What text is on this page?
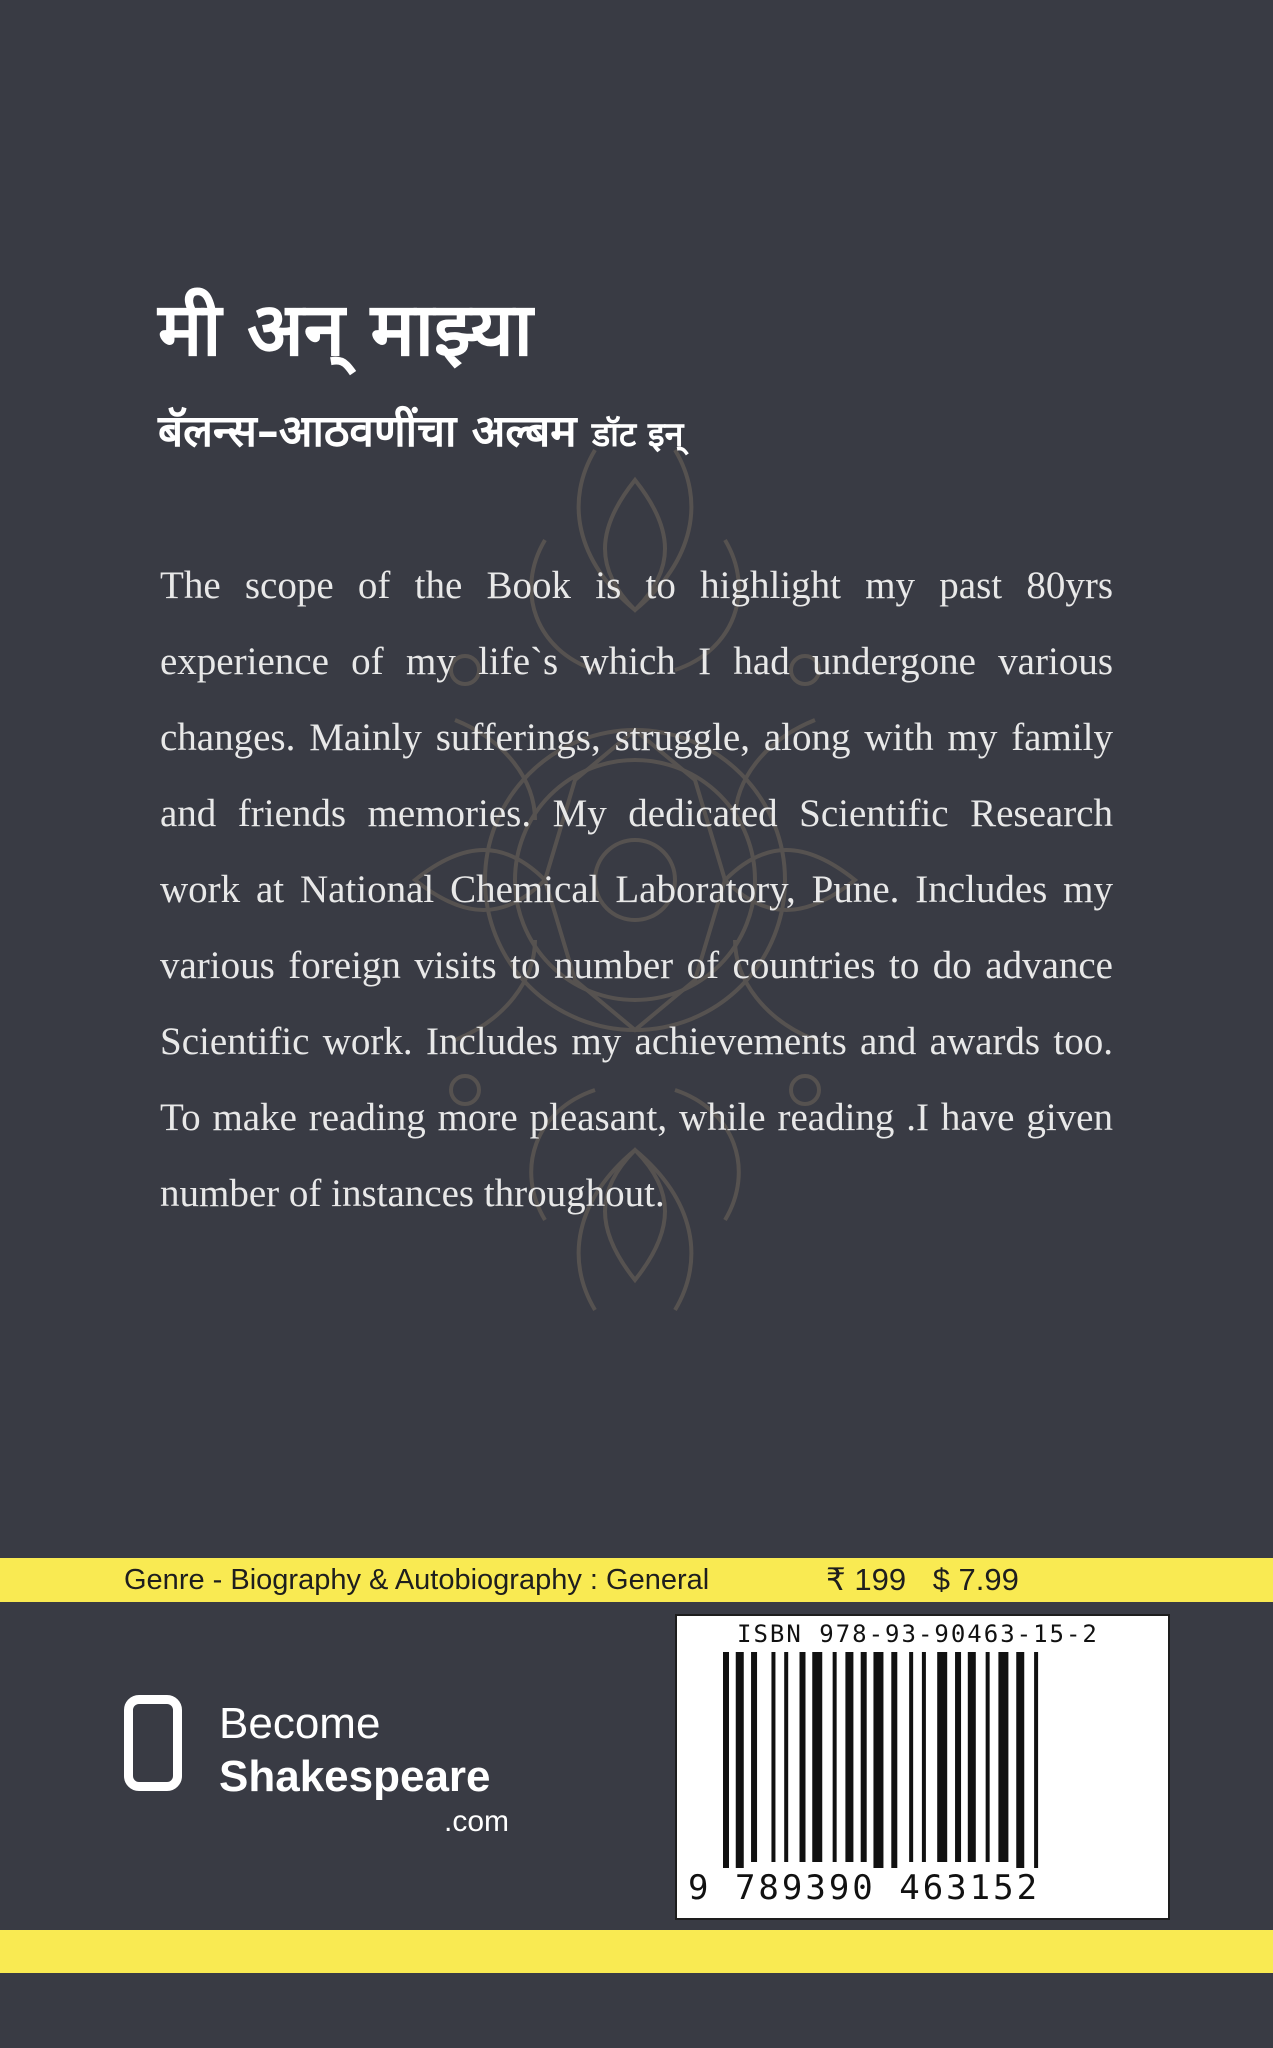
मी अन् माझ्या
बॅलन्स–आठवणींचा अल्बम डॉट इन्

The scope of the Book is to highlight my past 80yrs experience of my life`s which I had undergone various changes. Mainly sufferings, struggle, along with my family and friends memories. My dedicated Scientific Research work at National Chemical Laboratory, Pune. Includes my various foreign visits to number of countries to do advance Scientific work. Includes my achievements and awards too. To make reading more pleasant, while reading .I have given number of instances throughout.

Genre - Biography & Autobiography : General	₹ 199 $ 7.99
Become
Shakespeare
.com
ISBN 978-93-90463-15-2
9 789390 463152
